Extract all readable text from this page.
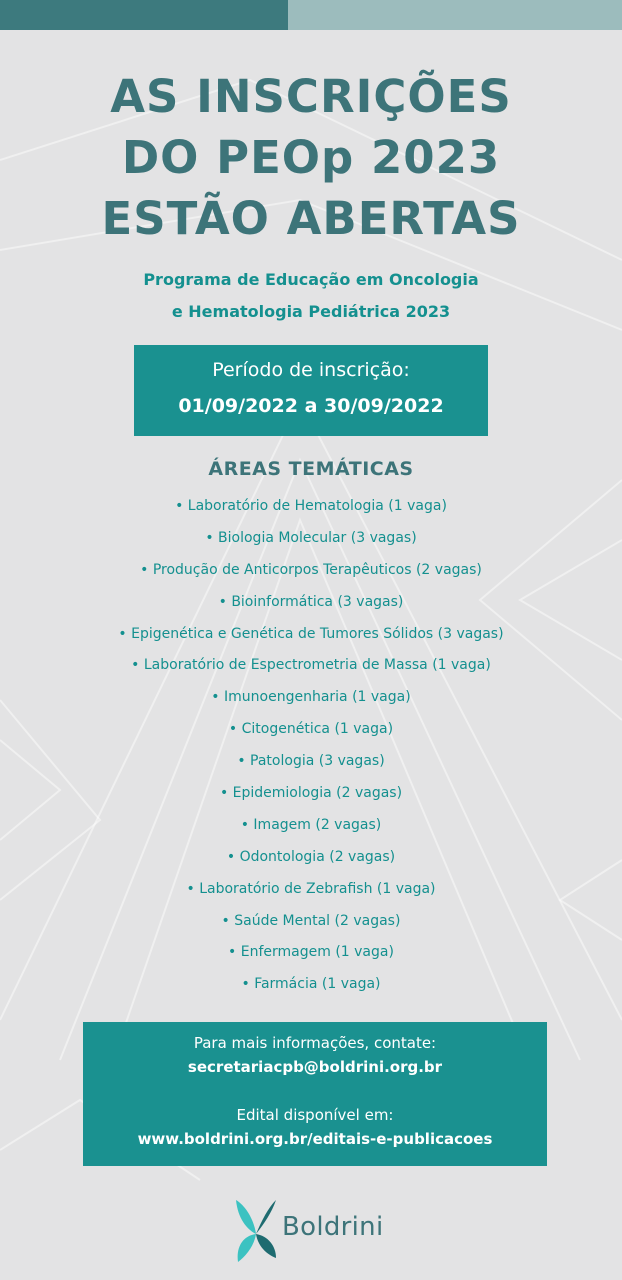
AS INSCRIÇÕES
DO PEOp 2023
ESTÃO ABERTAS
Programa de Educação em Oncologia
e Hematologia Pediátrica 2023
Período de inscrição:
01/09/2022 a 30/09/2022
ÁREAS TEMÁTICAS
• Laboratório de Hematologia (1 vaga)
• Biologia Molecular (3 vagas)
• Produção de Anticorpos Terapêuticos (2 vagas)
• Bioinformática (3 vagas)
• Epigenética e Genética de Tumores Sólidos (3 vagas)
• Laboratório de Espectrometria de Massa (1 vaga)
• Imunoengenharia (1 vaga)
• Citogenética (1 vaga)
• Patologia (3 vagas)
• Epidemiologia (2 vagas)
• Imagem (2 vagas)
• Odontologia (2 vagas)
• Laboratório de Zebrafish (1 vaga)
• Saúde Mental (2 vagas)
• Enfermagem (1 vaga)
• Farmácia (1 vaga)
Para mais informações, contate:
secretariacpb@boldrini.org.br
Edital disponível em:
www.boldrini.org.br/editais-e-publicacoes
Boldrini
